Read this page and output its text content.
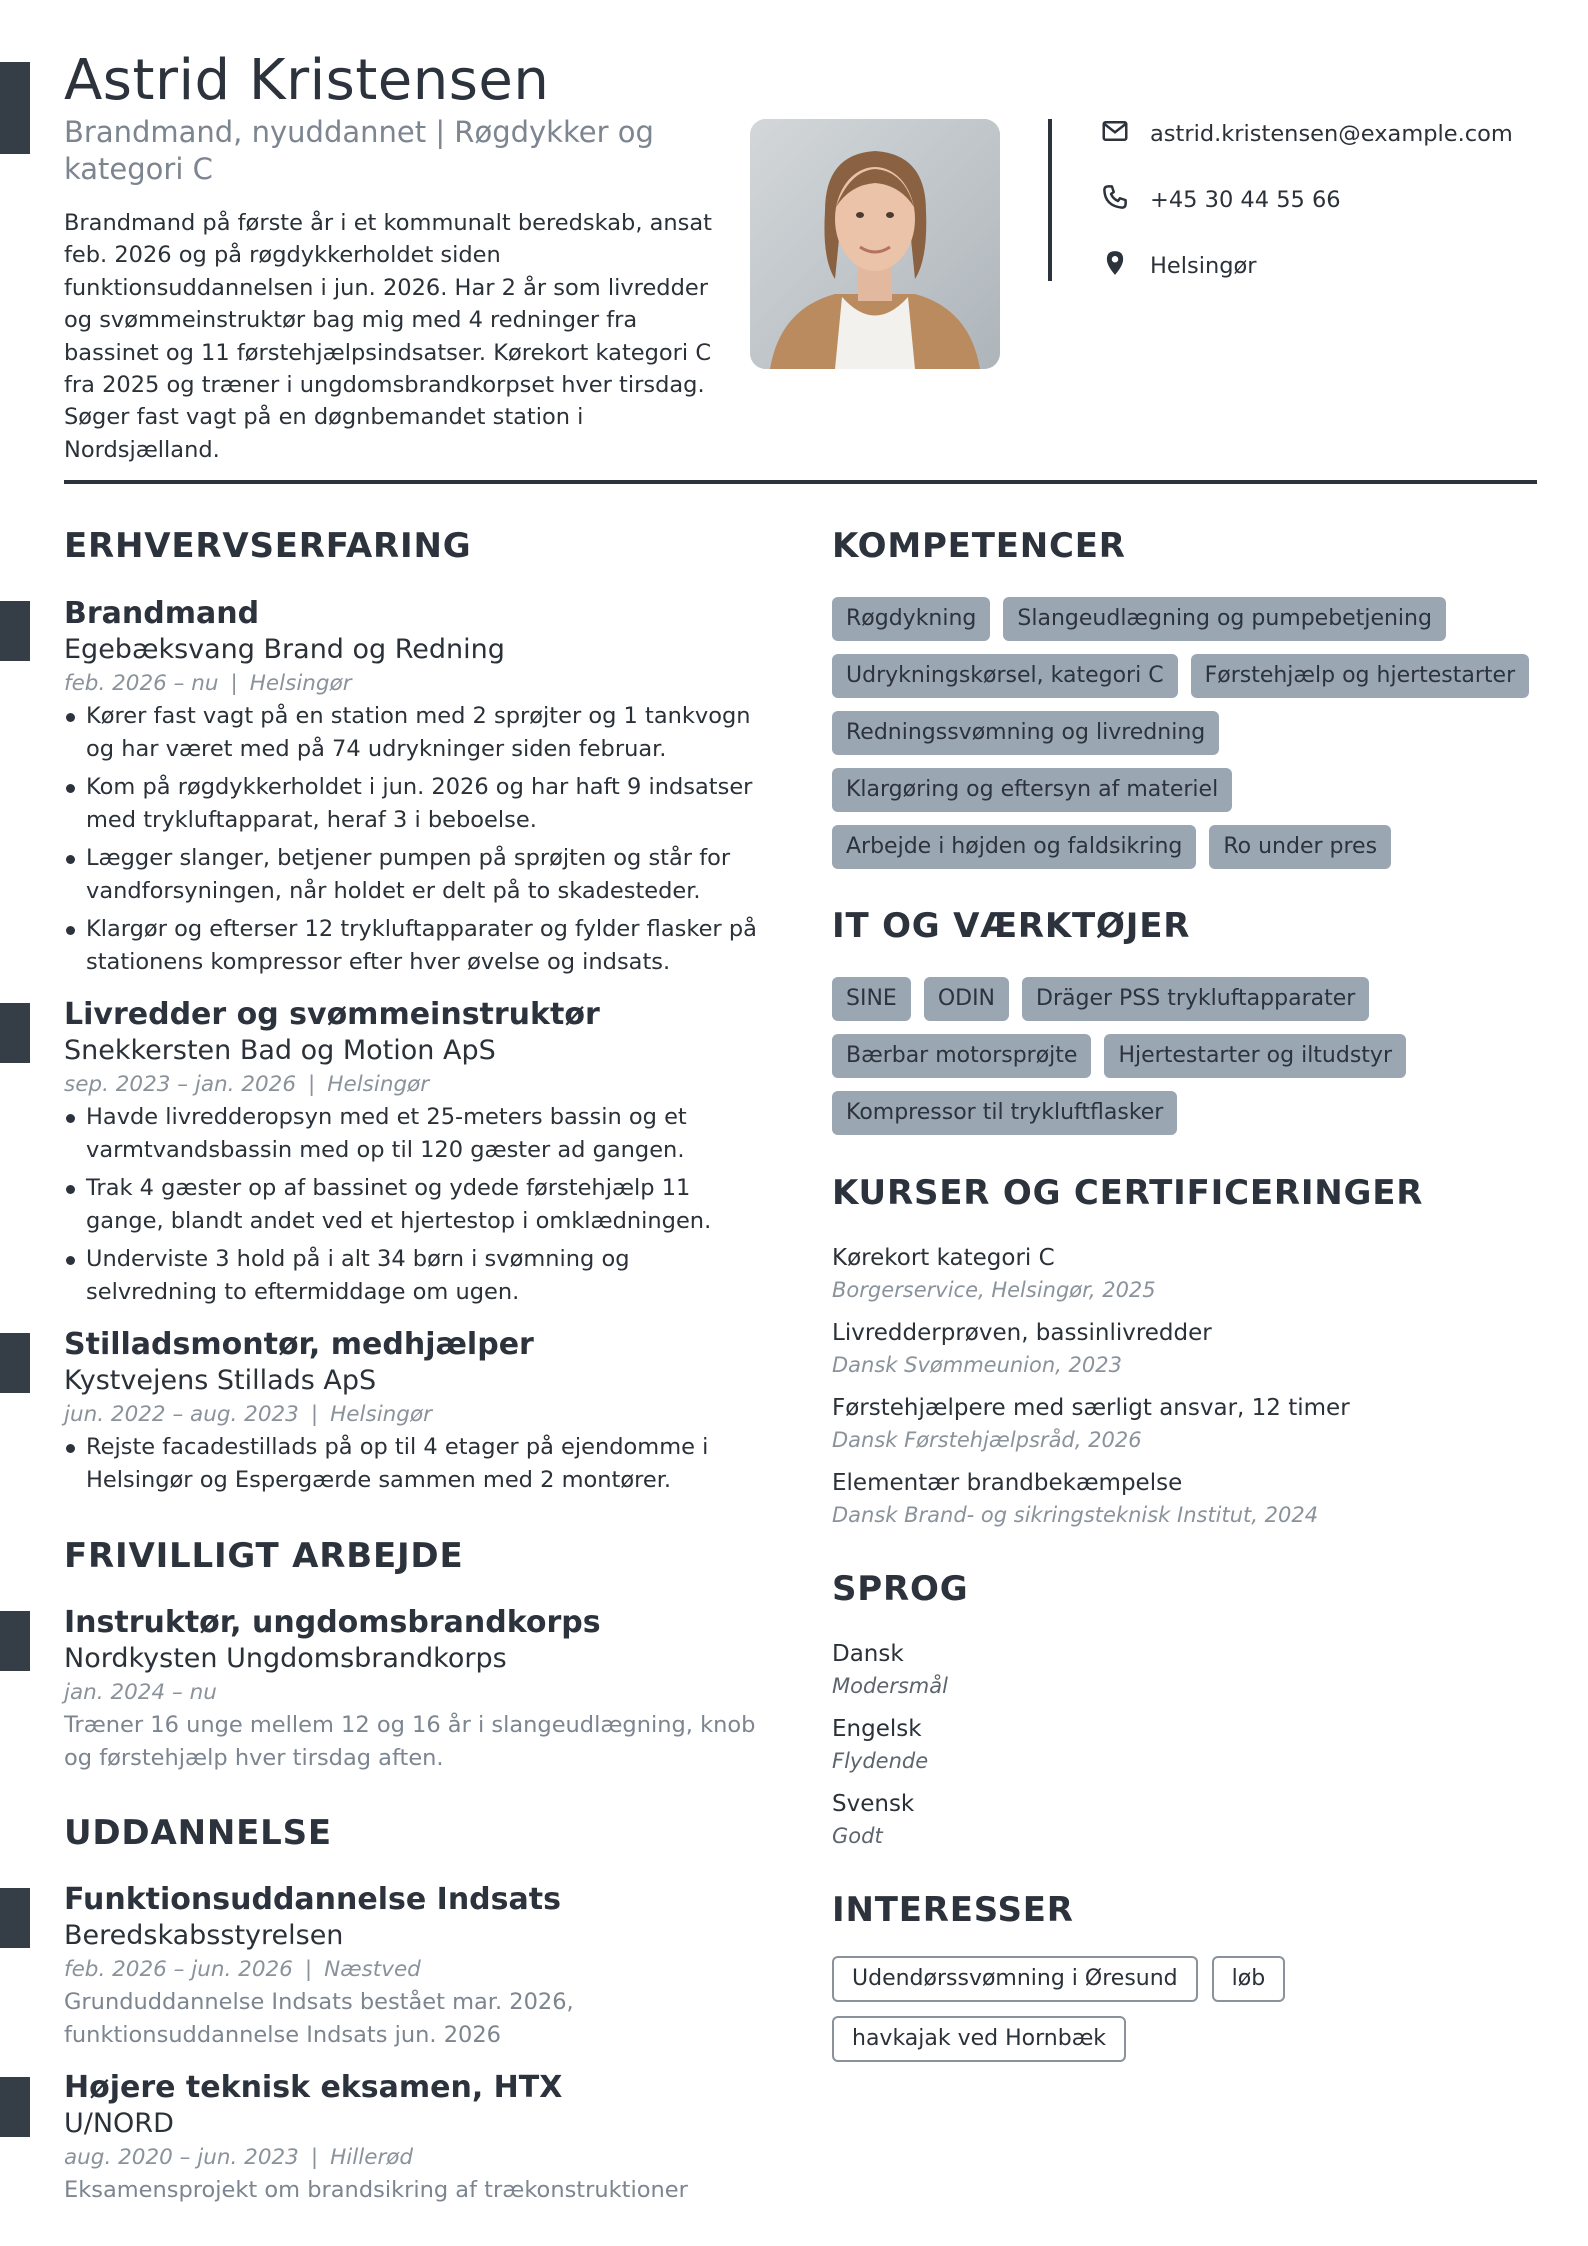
Astrid Kristensen
Brandmand, nyuddannet | Røgdykker og kategori C

Brandmand på første år i et kommunalt beredskab, ansat feb. 2026 og på røgdykkerholdet siden funktionsuddannelsen i jun. 2026. Har 2 år som livredder og svømmeinstruktør bag mig med 4 redninger fra bassinet og 11 førstehjælpsindsatser. Kørekort kategori C fra 2025 og træner i ungdomsbrandkorpset hver tirsdag. Søger fast vagt på en døgnbemandet station i Nordsjælland.

astrid.kristensen@example.com
+45 30 44 55 66
Helsingør
ERHVERVSERFARING
Brandmand
Egebæksvang Brand og Redning
feb. 2026 – nu | Helsingør
Kører fast vagt på en station med 2 sprøjter og 1 tankvogn og har været med på 74 udrykninger siden februar.
Kom på røgdykkerholdet i jun. 2026 og har haft 9 indsatser med trykluftapparat, heraf 3 i beboelse.
Lægger slanger, betjener pumpen på sprøjten og står for vandforsyningen, når holdet er delt på to skadesteder.
Klargør og efterser 12 trykluftapparater og fylder flasker på stationens kompressor efter hver øvelse og indsats.
Livredder og svømmeinstruktør
Snekkersten Bad og Motion ApS
sep. 2023 – jan. 2026 | Helsingør
Havde livredderopsyn med et 25-meters bassin og et varmtvandsbassin med op til 120 gæster ad gangen.
Trak 4 gæster op af bassinet og ydede førstehjælp 11 gange, blandt andet ved et hjertestop i omklædningen.
Underviste 3 hold på i alt 34 børn i svømning og selvredning to eftermiddage om ugen.
Stilladsmontør, medhjælper
Kystvejens Stillads ApS
jun. 2022 – aug. 2023 | Helsingør
Rejste facadestillads på op til 4 etager på ejendomme i Helsingør og Espergærde sammen med 2 montører.
FRIVILLIGT ARBEJDE
Instruktør, ungdomsbrandkorps
Nordkysten Ungdomsbrandkorps
jan. 2024 – nu
Træner 16 unge mellem 12 og 16 år i slangeudlægning, knob og førstehjælp hver tirsdag aften.
UDDANNELSE
Funktionsuddannelse Indsats
Beredskabsstyrelsen
feb. 2026 – jun. 2026 | Næstved
Grunduddannelse Indsats bestået mar. 2026, funktionsuddannelse Indsats jun. 2026
Højere teknisk eksamen, HTX
U/NORD
aug. 2020 – jun. 2023 | Hillerød
Eksamensprojekt om brandsikring af trækonstruktioner
KOMPETENCER
Røgdykning	Slangeudlægning og pumpebetjening
Udrykningskørsel, kategori C	Førstehjælp og hjertestarter
Redningssvømning og livredning
Klargøring og eftersyn af materiel
Arbejde i højden og faldsikring	Ro under pres
IT OG VÆRKTØJER
SINE	ODIN	Dräger PSS trykluftapparater
Bærbar motorsprøjte	Hjertestarter og iltudstyr
Kompressor til trykluftflasker
KURSER OG CERTIFICERINGER
Kørekort kategori C
Borgerservice, Helsingør, 2025
Livredderprøven, bassinlivredder
Dansk Svømmeunion, 2023
Førstehjælpere med særligt ansvar, 12 timer
Dansk Førstehjælpsråd, 2026
Elementær brandbekæmpelse
Dansk Brand- og sikringsteknisk Institut, 2024
SPROG
Dansk
Modersmål
Engelsk
Flydende
Svensk
Godt
INTERESSER
Udendørssvømning i Øresund	løb
havkajak ved Hornbæk
